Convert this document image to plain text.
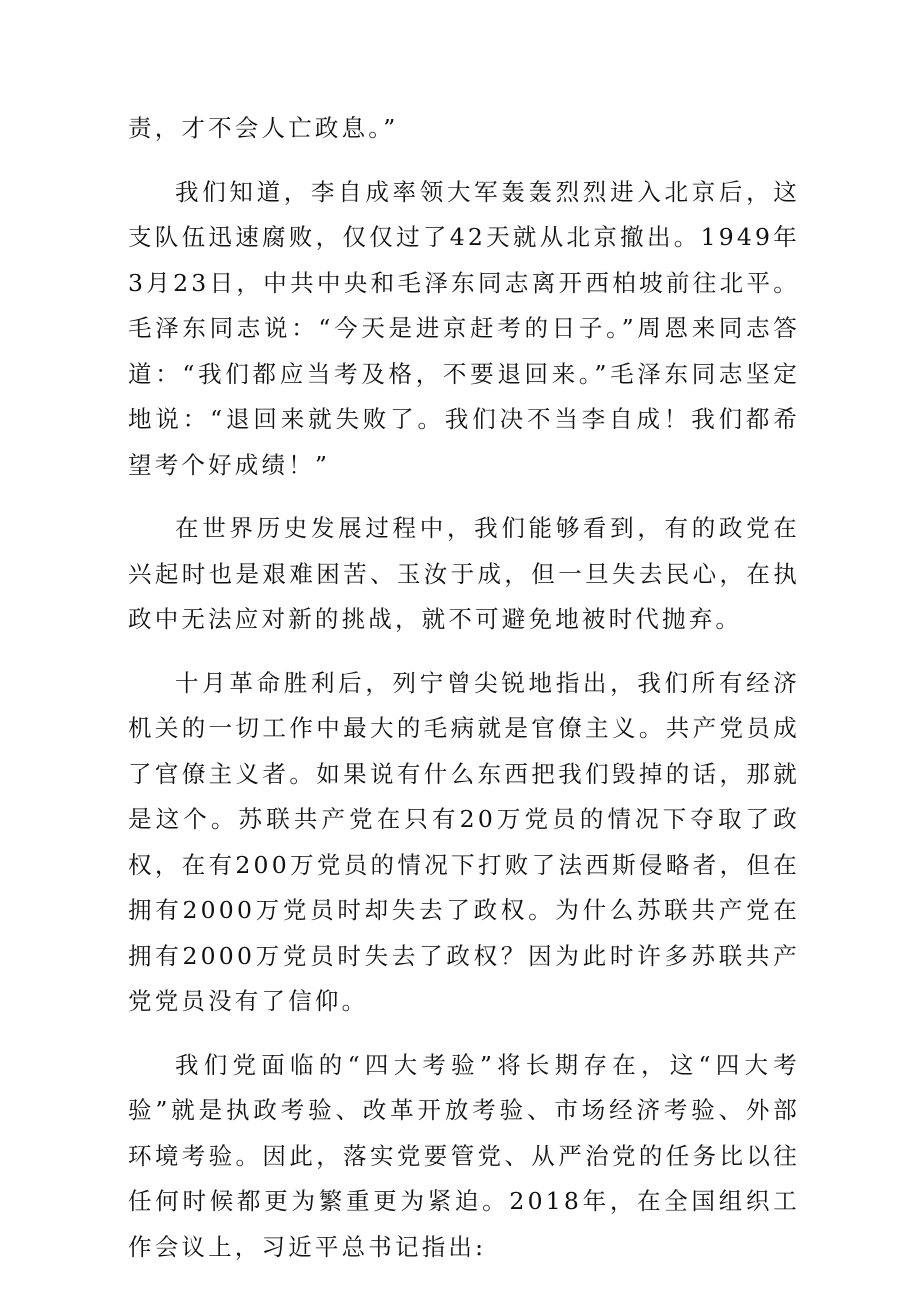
责，才不会人亡政息。”

我们知道，李自成率领大军轰轰烈烈进入北京后，这支队伍迅速腐败，仅仅过了42天就从北京撤出。1949年3月23日，中共中央和毛泽东同志离开西柏坡前往北平。毛泽东同志说：“今天是进京赶考的日子。”周恩来同志答道：“我们都应当考及格，不要退回来。”毛泽东同志坚定地说：“退回来就失败了。我们决不当李自成！我们都希望考个好成绩！”

在世界历史发展过程中，我们能够看到，有的政党在兴起时也是艰难困苦、玉汝于成，但一旦失去民心，在执政中无法应对新的挑战，就不可避免地被时代抛弃。

十月革命胜利后，列宁曾尖锐地指出，我们所有经济机关的一切工作中最大的毛病就是官僚主义。共产党员成了官僚主义者。如果说有什么东西把我们毁掉的话，那就是这个。苏联共产党在只有20万党员的情况下夺取了政权，在有200万党员的情况下打败了法西斯侵略者，但在拥有2000万党员时却失去了政权。为什么苏联共产党在拥有2000万党员时失去了政权？因为此时许多苏联共产党党员没有了信仰。

我们党面临的“四大考验”将长期存在，这“四大考验”就是执政考验、改革开放考验、市场经济考验、外部环境考验。因此，落实党要管党、从严治党的任务比以往任何时候都更为繁重更为紧迫。2018年，在全国组织工作会议上，习近平总书记指出:
